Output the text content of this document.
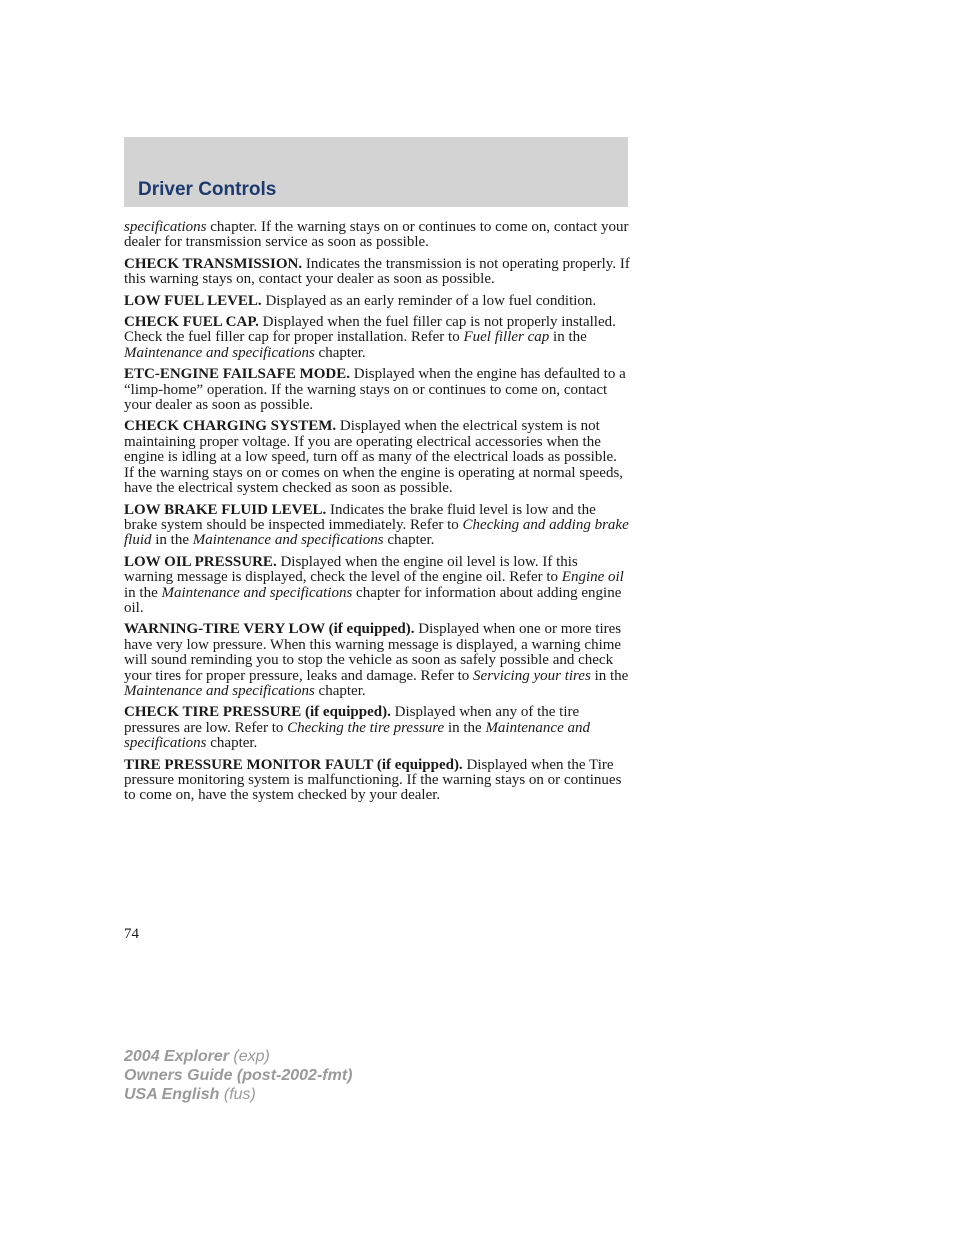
Driver Controls

specifications chapter. If the warning stays on or continues to come on, contact your dealer for transmission service as soon as possible.

CHECK TRANSMISSION. Indicates the transmission is not operating properly. If this warning stays on, contact your dealer as soon as possible.

LOW FUEL LEVEL. Displayed as an early reminder of a low fuel condition.

CHECK FUEL CAP. Displayed when the fuel filler cap is not properly installed. Check the fuel filler cap for proper installation. Refer to Fuel filler cap in the Maintenance and specifications chapter.

ETC-ENGINE FAILSAFE MODE. Displayed when the engine has defaulted to a “limp-home” operation. If the warning stays on or continues to come on, contact your dealer as soon as possible.

CHECK CHARGING SYSTEM. Displayed when the electrical system is not maintaining proper voltage. If you are operating electrical accessories when the engine is idling at a low speed, turn off as many of the electrical loads as possible. If the warning stays on or comes on when the engine is operating at normal speeds, have the electrical system checked as soon as possible.

LOW BRAKE FLUID LEVEL. Indicates the brake fluid level is low and the brake system should be inspected immediately. Refer to Checking and adding brake fluid in the Maintenance and specifications chapter.

LOW OIL PRESSURE. Displayed when the engine oil level is low. If this warning message is displayed, check the level of the engine oil. Refer to Engine oil in the Maintenance and specifications chapter for information about adding engine oil.

WARNING-TIRE VERY LOW (if equipped). Displayed when one or more tires have very low pressure. When this warning message is displayed, a warning chime will sound reminding you to stop the vehicle as soon as safely possible and check your tires for proper pressure, leaks and damage. Refer to Servicing your tires in the Maintenance and specifications chapter.

CHECK TIRE PRESSURE (if equipped). Displayed when any of the tire pressures are low. Refer to Checking the tire pressure in the Maintenance and specifications chapter.

TIRE PRESSURE MONITOR FAULT (if equipped). Displayed when the Tire pressure monitoring system is malfunctioning. If the warning stays on or continues to come on, have the system checked by your dealer.

74
2004 Explorer (exp)
Owners Guide (post-2002-fmt)
USA English (fus)
